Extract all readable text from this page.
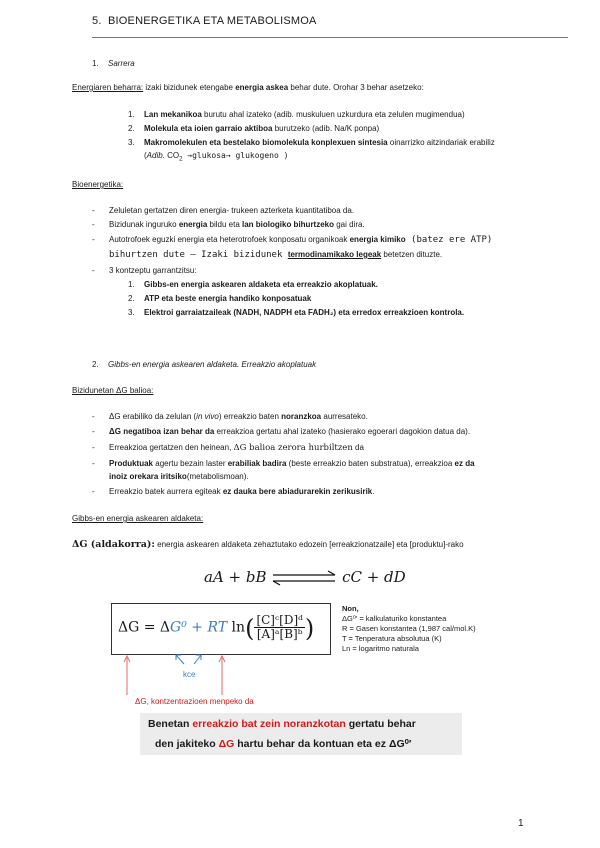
5. BIOENERGETIKA ETA METABOLISMOA
1. Sarrera
Energiaren beharra: izaki bizidunek etengabe energia askea behar dute. Orohar 3 behar asetzeko:
1. Lan mekanikoa burutu ahal izateko (adib. muskuluen uzkurdura eta zelulen mugimendua)
2. Molekula eta ioien garraio aktiboa burutzeko (adib. Na/K ponpa)
3. Makromolekulen eta bestelako biomolekula konplexuen sintesia oinarrizko aitzindariak erabiliz
(Adib. $CO_2$ →glukosa→ glukogeno )
Bioenergetika:
- Zeluletan gertatzen diren energia- trukeen azterketa kuantitatiboa da.
- Bizidunak inguruko energia bildu eta lan biologiko bihurtzeko gai dira.
- Autotrofoek eguzki energia eta heterotrofoek konposatu organikoak energia kimiko (batez ere ATP)
bihurtzen dute – Izaki bizidunek termodinamikako legeak betetzen dituzte.
- 3 kontzeptu garrantzitsu:
1. Gibbs-en energia askearen aldaketa eta erreakzio akoplatuak.
2. ATP eta beste energia handiko konposatuak
3. Elektroi garraiatzaileak (NADH, NADPH eta FADH₂) eta erredox erreakzioen kontrola.
2. Gibbs-en energia askearen aldaketa. Erreakzio akoplatuak
Bizidunetan ΔG balioa:
- ΔG erabiliko da zelulan (in vivo) erreakzio baten noranzkoa aurresateko.
- ΔG negatiboa izan behar da erreakzioa gertatu ahal izateko (hasierako egoerari dagokion datua da).
- Erreakzioa gertatzen den heinean, ΔG balioa zerora hurbiltzen da
- Produktuak agertu bezain laster erabiliak badira (beste erreakzio baten substratua), erreakzioa ez da
inoiz orekara iritsiko(metabolismoan).
- Erreakzio batek aurrera egiteak ez dauka bere abiadurarekin zerikusirik.
Gibbs-en energia askearen aldaketa:
ΔG (aldakorra): energia askearen aldaketa zehaztutako edozein [erreakzionatzaile] eta [produktu]-rako
aA + bB	cC + dD
ΔG = ΔG⁰ + RT $\ln( \frac{\text{[C]ᶜ[D]ᵈ}}{\text{[A]ᵃ[B]ᵇ}}$ )
Non,
ΔG⁰′ = kalkulaturiko konstantea
R = Gasen konstantea (1,987 cal/mol.K)
T = Tenperatura absolutua (K)
Ln = logaritmo naturala
kce
ΔG, kontzentrazioen menpeko da
Benetan erreakzio bat zein noranzkotan gertatu behar
den jakiteko ΔG hartu behar da kontuan eta ez ΔG⁰′
1
